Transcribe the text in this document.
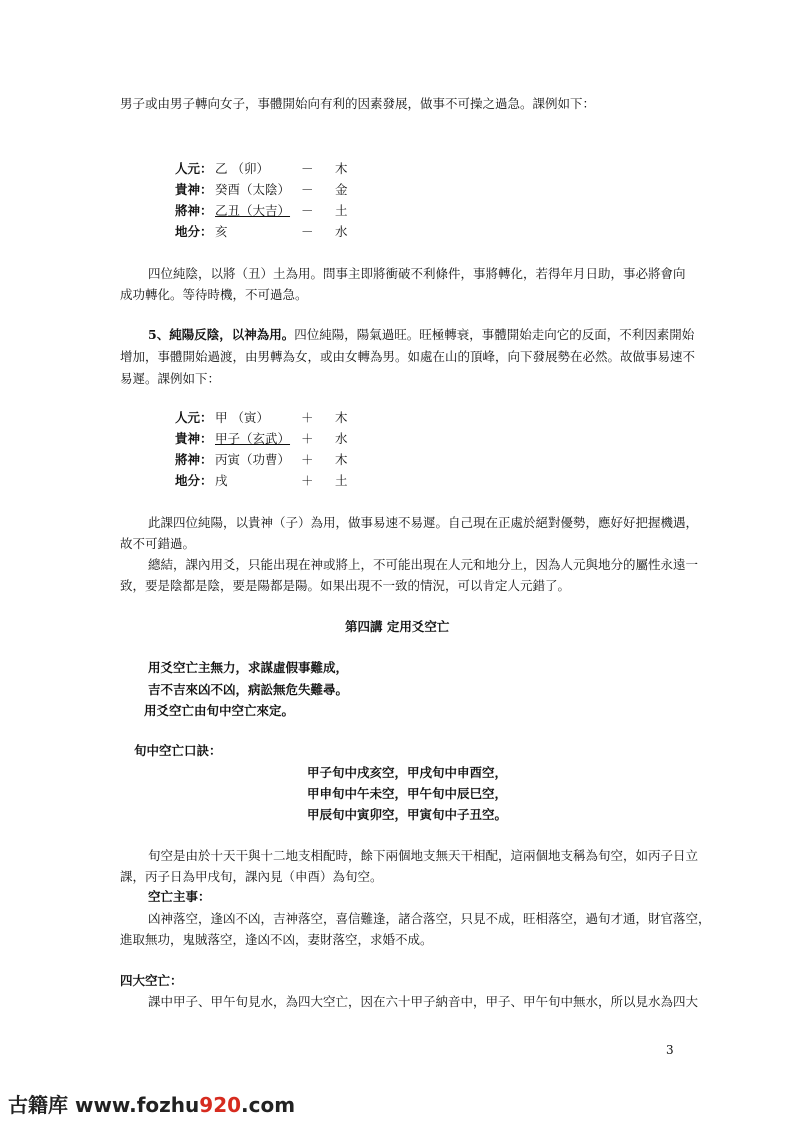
男子或由男子轉向女子，事體開始向有利的因素發展，做事不可操之過急。課例如下：
人元： 乙 （卯）	－ 木
貴神： 癸酉（太陰） － 金
將神： 乙丑（大吉） － 土
地分： 亥	－ 水
四位純陰，以將（丑）土為用。問事主即將衝破不利條件，事將轉化，若得年月日助，事必將會向
成功轉化。等待時機，不可過急。
5、純陽反陰，以神為用。四位純陽，陽氣過旺。旺極轉衰，事體開始走向它的反面，不利因素開始
增加，事體開始過渡，由男轉為女，或由女轉為男。如處在山的頂峰，向下發展勢在必然。故做事易速不
易遲。課例如下：
人元： 甲 （寅）	＋ 木
貴神： 甲子（玄武） ＋ 水
將神： 丙寅（功曹） ＋ 木
地分： 戌	＋ 土
此課四位純陽，以貴神（子）為用，做事易速不易遲。自己現在正處於絕對優勢，應好好把握機遇，
故不可錯過。
總結，課內用爻，只能出現在神或將上，不可能出現在人元和地分上，因為人元與地分的屬性永遠一
致，要是陰都是陰，要是陽都是陽。如果出現不一致的情況，可以肯定人元錯了。
第四講 定用爻空亡
用爻空亡主無力，求謀虛假事難成，
吉不吉來凶不凶，病訟無危失難尋。
用爻空亡由旬中空亡來定。
旬中空亡口訣：
甲子旬中戌亥空，甲戌旬中申酉空，
甲申旬中午未空，甲午旬中辰巳空，
甲辰旬中寅卯空，甲寅旬中子丑空。
旬空是由於十天干與十二地支相配時，餘下兩個地支無天干相配，這兩個地支稱為旬空，如丙子日立
課，丙子日為甲戌旬，課內見（申酉）為旬空。
空亡主事：
凶神落空，逢凶不凶，吉神落空，喜信難逢，諸合落空，只見不成，旺相落空，過旬才通，財官落空，
進取無功，鬼賊落空，逢凶不凶，妻財落空，求婚不成。
四大空亡：
課中甲子、甲午旬見水，為四大空亡，因在六十甲子納音中，甲子、甲午旬中無水，所以見水為四大
3
古籍库 www.fozhu920.com
